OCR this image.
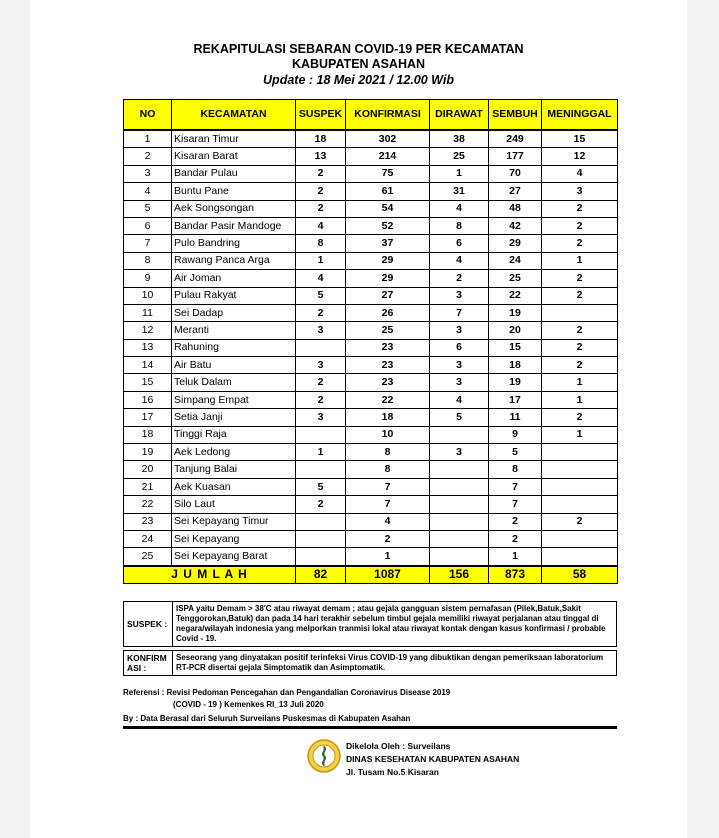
REKAPITULASI SEBARAN COVID-19 PER KECAMATAN
KABUPATEN ASAHAN
Update : 18 Mei 2021 / 12.00 Wib
NO	KECAMATAN	SUSPEK	KONFIRMASI	DIRAWAT	SEMBUH	MENINGGAL
1	Kisaran Timur	18	302	38	249	15
2	Kisaran Barat	13	214	25	177	12
3	Bandar Pulau	2	75	1	70	4
4	Buntu Pane	2	61	31	27	3
5	Aek Songsongan	2	54	4	48	2
6	Bandar Pasir Mandoge	4	52	8	42	2
7	Pulo Bandring	8	37	6	29	2
8	Rawang Panca Arga	1	29	4	24	1
9	Air Joman	4	29	2	25	2
10	Pulau Rakyat	5	27	3	22	2
11	Sei Dadap	2	26	7	19	
12	Meranti	3	25	3	20	2
13	Rahuning		23	6	15	2
14	Air Batu	3	23	3	18	2
15	Teluk Dalam	2	23	3	19	1
16	Simpang Empat	2	22	4	17	1
17	Setia Janji	3	18	5	11	2
18	Tinggi Raja		10		9	1
19	Aek Ledong	1	8	3	5	
20	Tanjung Balai		8		8	
21	Aek Kuasan	5	7		7	
22	Silo Laut	2	7		7	
23	Sei Kepayang Timur		4		2	2
24	Sei Kepayang		2		2	
25	Sei Kepayang Barat		1		1	
J U M L A H		82	1087	156	873	58
SUSPEK :	ISPA yaitu Demam > 38'C atau riwayat demam ; atau gejala gangguan sistem pernafasan (Pilek,Batuk,Sakit Tenggorokan,Batuk) dan pada 14 hari terakhir sebelum timbul gejala memiliki riwayat perjalanan atau tinggal di negara/wilayah indonesia yang melporkan tranmisi lokal atau riwayat kontak dengan kasus konfirmasi / probable Covid - 19.

KONFIRM ASI :	Seseorang yang dinyatakan positif terinfeksi Virus COVID-19 yang dibuktikan dengan pemeriksaan laboratorium RT-PCR disertai gejala Simptomatik dan Asimptomatik.
Referensi : Revisi Pedoman Pencegahan dan Pengandalian Coronavirus Disease 2019
(COVID - 19 ) Kemenkes RI_13 Juli 2020
By : Data Berasal dari Seluruh Surveilans Puskesmas di Kabupaten Asahan
Dikelola Oleh : Surveilans
DINAS KESEHATAN KABUPATEN ASAHAN
Jl. Tusam No.5 Kisaran
